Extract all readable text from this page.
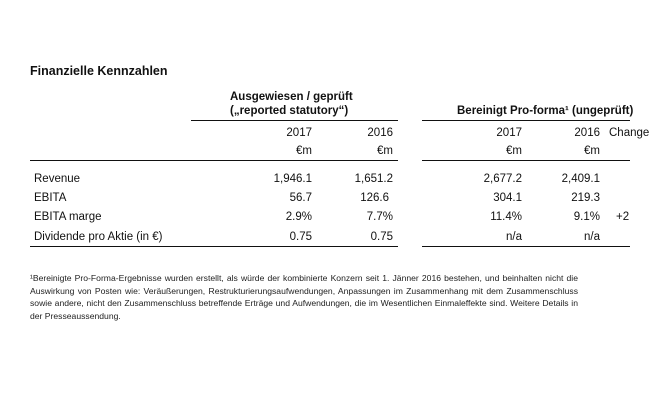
Finanzielle Kennzahlen
Ausgewiesen / geprüft
(„reported statutory“)	Bereinigt Pro-forma¹ (ungeprüft)
2017	2016	2017	2016 Change
€m	€m	€m	€m
Revenue	1,946.1	1,651.2	2,677.2	2,409.1
EBITA	56.7	126.6	304.1	219.3
EBITA marge	2.9%	7.7%	11.4%	9.1% +2
Dividende pro Aktie (in €)	0.75	0.75	n/a	n/a
¹Bereinigte Pro-Forma-Ergebnisse wurden erstellt, als würde der kombinierte Konzern seit 1. Jänner 2016 bestehen, und beinhalten nicht die Auswirkung von Posten wie: Veräußerungen, Restrukturierungsaufwendungen, Anpassungen im Zusammenhang mit dem Zusammenschluss sowie andere, nicht den Zusammenschluss betreffende Erträge und Aufwendungen, die im Wesentlichen Einmaleffekte sind. Weitere Details in der Presseaussendung.
